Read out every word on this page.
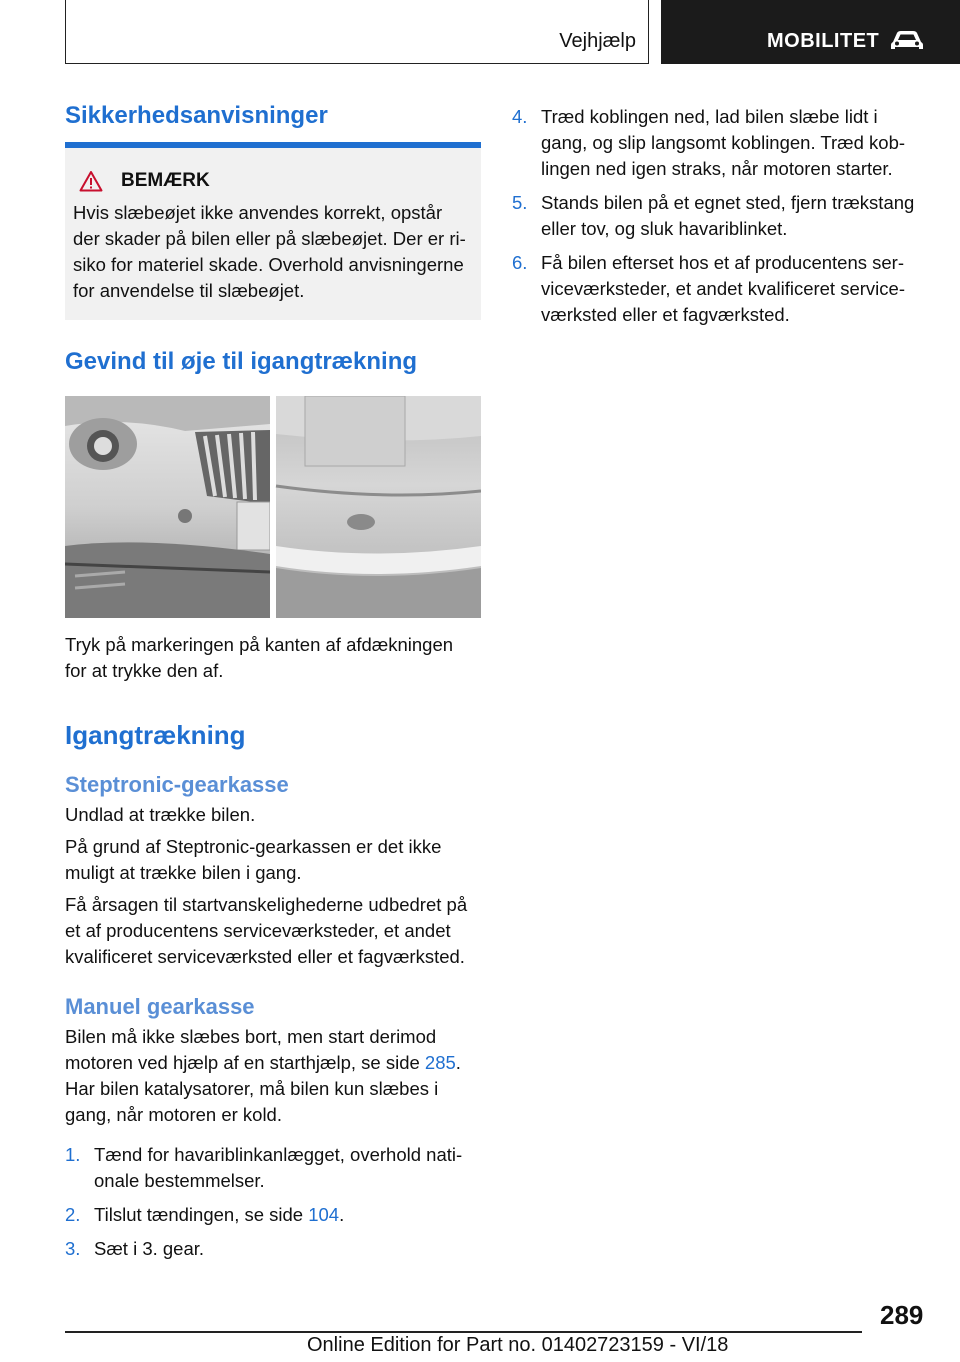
Vejhjælp	MOBILITET
Sikkerhedsanvisninger
BEMÆRK
Hvis slæbeøjet ikke anvendes korrekt, opstår
der skader på bilen eller på slæbeøjet. Der er ri-
siko for materiel skade. Overhold anvisningerne
for anvendelse til slæbeøjet.
Gevind til øje til igangtrækning
Tryk på markeringen på kanten af afdækningen
for at trykke den af.
Igangtrækning
Steptronic-gearkasse
Undlad at trække bilen.
På grund af Steptronic-gearkassen er det ikke
muligt at trække bilen i gang.
Få årsagen til startvanskelighederne udbedret på
et af producentens serviceværksteder, et andet
kvalificeret serviceværksted eller et fagværksted.
Manuel gearkasse
Bilen må ikke slæbes bort, men start derimod
motoren ved hjælp af en starthjælp, se side 285.
Har bilen katalysatorer, må bilen kun slæbes i
gang, når motoren er kold.
1. Tænd for havariblinkanlægget, overhold nati-
onale bestemmelser.
2. Tilslut tændingen, se side 104.
3. Sæt i 3. gear.
4. Træd koblingen ned, lad bilen slæbe lidt i
gang, og slip langsomt koblingen. Træd kob-
lingen ned igen straks, når motoren starter.
5. Stands bilen på et egnet sted, fjern trækstang
eller tov, og sluk havariblinket.
6. Få bilen efterset hos et af producentens ser-
viceværksteder, et andet kvalificeret service-
værksted eller et fagværksted.
289
Online Edition for Part no. 01402723159 - VI/18
